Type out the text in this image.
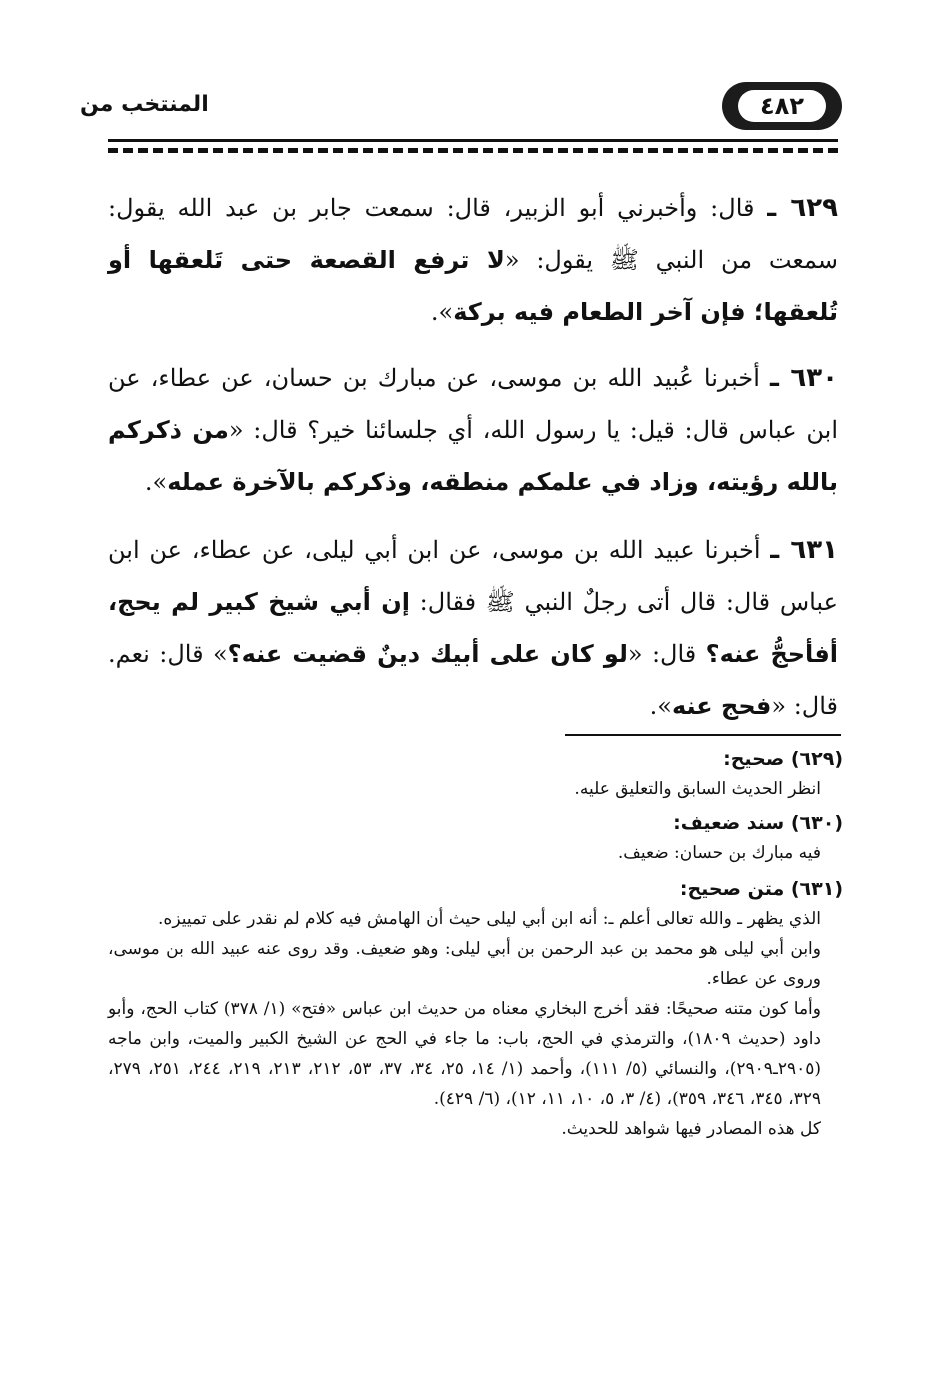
٤٨٢
المنتخب من
٦٢٩ ـ قال: وأخبرني أبو الزبير، قال: سمعت جابر بن عبد الله يقول: سمعت من النبي ﷺ يقول: «لا ترفع القصعة حتى تَلعقها أو تُلعقها؛ فإن آخر الطعام فيه بركة».
٦٣٠ ـ أخبرنا عُبيد الله بن موسى، عن مبارك بن حسان، عن عطاء، عن ابن عباس قال: قيل: يا رسول الله، أي جلسائنا خير؟ قال: «من ذكركم بالله رؤيته، وزاد في علمكم منطقه، وذكركم بالآخرة عمله».
٦٣١ ـ أخبرنا عبيد الله بن موسى، عن ابن أبي ليلى، عن عطاء، عن ابن عباس قال: قال أتى رجلٌ النبي ﷺ فقال: إن أبي شيخ كبير لم يحج، أفأحجُّ عنه؟ قال: «لو كان على أبيك دينٌ قضيت عنه؟» قال: نعم. قال: «فحج عنه».
(٦٢٩) صحيح:
انظر الحديث السابق والتعليق عليه.
(٦٣٠) سند ضعيف:
فيه مبارك بن حسان: ضعيف.
(٦٣١) متن صحيح:
الذي يظهر ـ والله تعالى أعلم ـ: أنه ابن أبي ليلى حيث أن الهامش فيه كلام لم نقدر على تمييزه.
وابن أبي ليلى هو محمد بن عبد الرحمن بن أبي ليلى: وهو ضعيف. وقد روى عنه عبيد الله بن موسى، وروى عن عطاء.
وأما كون متنه صحيحًا: فقد أخرج البخاري معناه من حديث ابن عباس «فتح» (١/ ٣٧٨) كتاب الحج، وأبو داود (حديث ١٨٠٩)، والترمذي في الحج، باب: ما جاء في الحج عن الشيخ الكبير والميت، وابن ماجه (٢٩٠٥ـ٢٩٠٩)، والنسائي (٥/ ١١١)، وأحمد (١/ ١٤، ٢٥، ٣٤، ٣٧، ٥٣، ٢١٢، ٢١٣، ٢١٩، ٢٤٤، ٢٥١، ٢٧٩، ٣٢٩، ٣٤٥، ٣٤٦، ٣٥٩)، (٤/ ٣، ٥، ١٠، ١١، ١٢)، (٦/ ٤٢٩).
كل هذه المصادر فيها شواهد للحديث.
